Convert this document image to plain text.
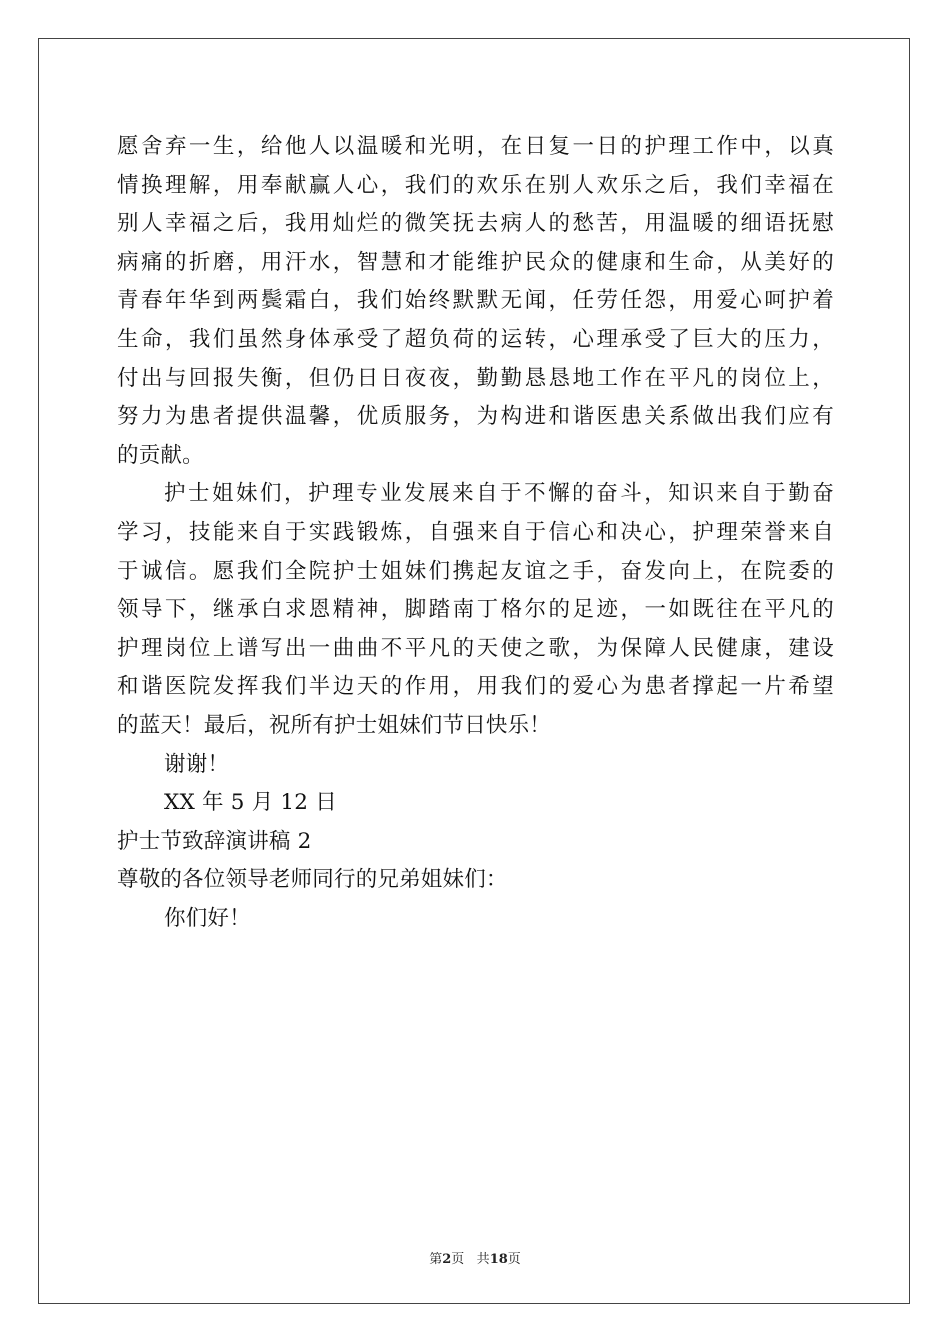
愿舍弃一生，给他人以温暖和光明，在日复一日的护理工作中，以真
情换理解，用奉献赢人心，我们的欢乐在别人欢乐之后，我们幸福在
别人幸福之后，我用灿烂的微笑抚去病人的愁苦，用温暖的细语抚慰
病痛的折磨，用汗水，智慧和才能维护民众的健康和生命，从美好的
青春年华到两鬓霜白，我们始终默默无闻，任劳任怨，用爱心呵护着
生命，我们虽然身体承受了超负荷的运转，心理承受了巨大的压力，
付出与回报失衡，但仍日日夜夜，勤勤恳恳地工作在平凡的岗位上，
努力为患者提供温馨，优质服务，为构进和谐医患关系做出我们应有
的贡献。
护士姐妹们，护理专业发展来自于不懈的奋斗，知识来自于勤奋
学习，技能来自于实践锻炼，自强来自于信心和决心，护理荣誉来自
于诚信。愿我们全院护士姐妹们携起友谊之手，奋发向上，在院委的
领导下，继承白求恩精神，脚踏南丁格尔的足迹，一如既往在平凡的
护理岗位上谱写出一曲曲不平凡的天使之歌，为保障人民健康，建设
和谐医院发挥我们半边天的作用，用我们的爱心为患者撑起一片希望
的蓝天！最后，祝所有护士姐妹们节日快乐！
谢谢！
XX 年 5 月 12 日
护士节致辞演讲稿 2
尊敬的各位领导老师同行的兄弟姐妹们：
你们好！
第2页 共18页
